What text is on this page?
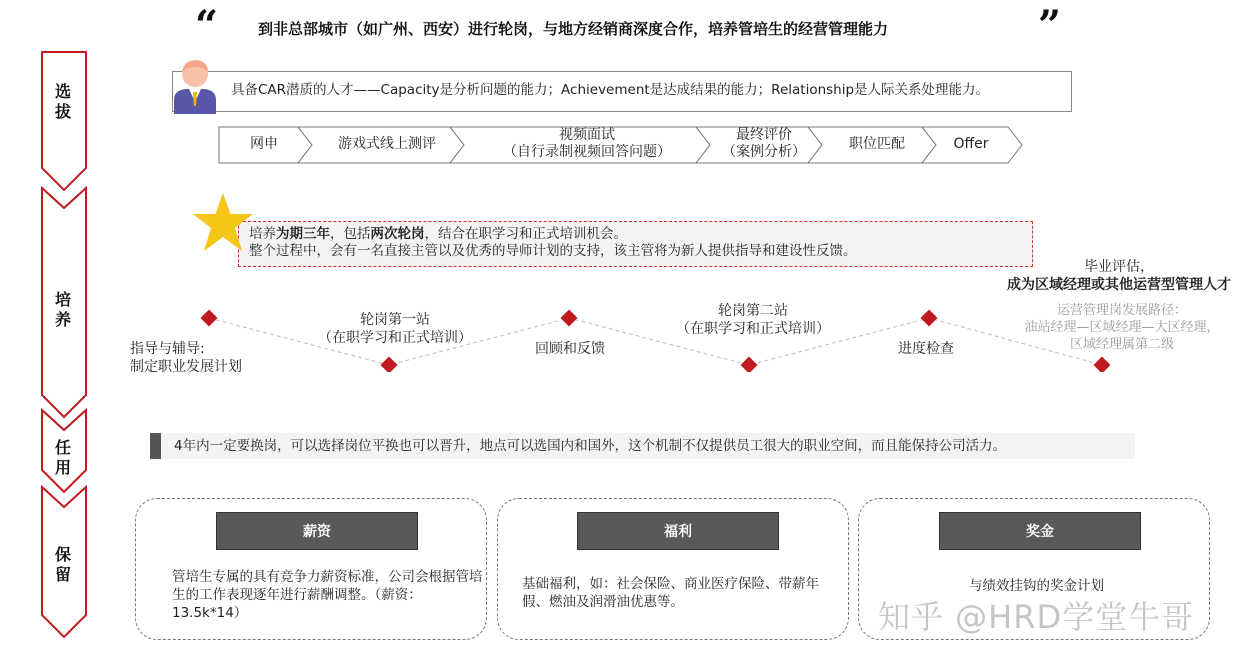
“	到非总部城市（如广州、西安）进行轮岗，与地方经销商深度合作，培养管培生的经营管理能力	”
选
拔
培
养
任
用
保
留
具备CAR潜质的人才——Capacity是分析问题的能力；Achievement是达成结果的能力；Relationship是人际关系处理能力。
网申	游戏式线上测评
视频面试
（自行录制视频回答问题）
最终评价
（案例分析）	职位匹配	Offer
培养为期三年，包括两次轮岗，结合在职学习和正式培训机会。
整个过程中，会有一名直接主管以及优秀的导师计划的支持，该主管将为新人提供指导和建设性反馈。
指导与辅导:
制定职业发展计划
轮岗第一站
（在职学习和正式培训）
回顾和反馈
轮岗第二站
（在职学习和正式培训）
进度检查
毕业评估，
成为区域经理或其他运营型管理人才
运营管理岗发展路径：
油站经理—区域经理—大区经理，
区域经理属第二级
4年内一定要换岗，可以选择岗位平换也可以晋升，地点可以选国内和国外，这个机制不仅提供员工很大的职业空间，而且能保持公司活力。
薪资
管培生专属的具有竞争力薪资标准，公司会根据管培生的工作表现逐年进行薪酬调整。（薪资：13.5k*14）
福利
基础福利，如：社会保险、商业医疗保险、带薪年假、燃油及润滑油优惠等。
奖金
与绩效挂钩的奖金计划
知乎 @HRD学堂牛哥
